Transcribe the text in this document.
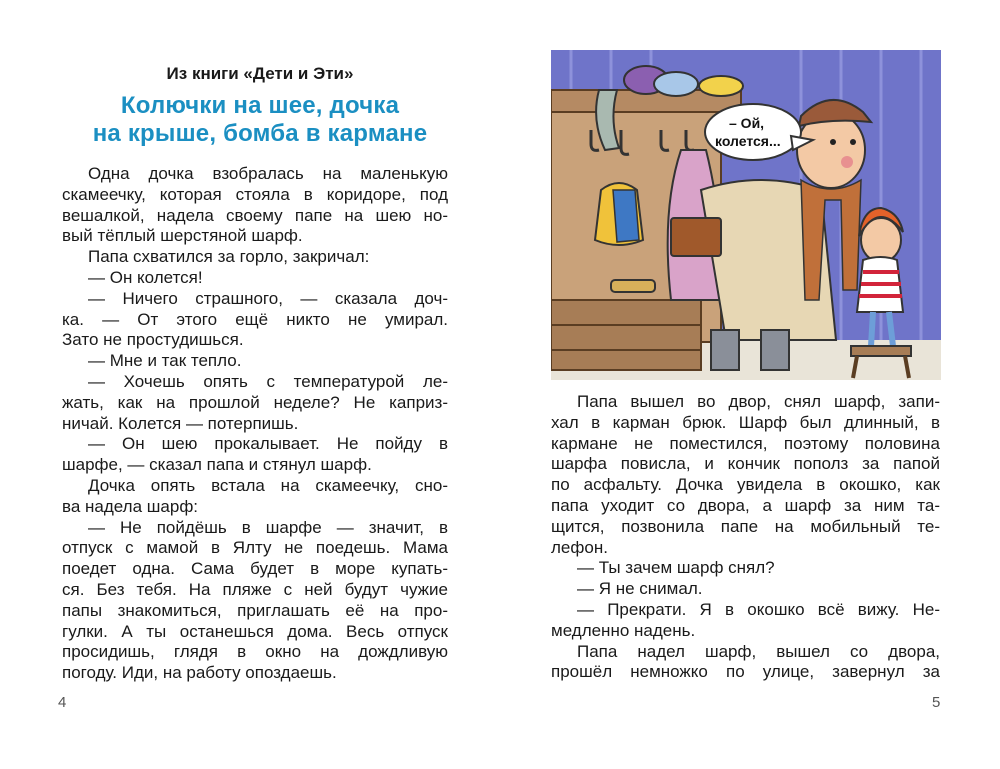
Из книги «Дети и Эти»
Колючки на шее, дочка
на крыше, бомба в кармане
Одна дочка взобралась на маленькую
скамеечку, которая стояла в коридоре, под
вешалкой, надела своему папе на шею но-
вый тёплый шерстяной шарф.
Папа схватился за горло, закричал:
— Он колется!
— Ничего страшного, — сказала доч-
ка. — От этого ещё никто не умирал.
Зато не простудишься.
— Мне и так тепло.
— Хочешь опять с температурой ле-
жать, как на прошлой неделе? Не каприз-
ничай. Колется — потерпишь.
— Он шею прокалывает. Не пойду в
шарфе, — сказал папа и стянул шарф.
Дочка опять встала на скамеечку, сно-
ва надела шарф:
— Не пойдёшь в шарфе — значит, в
отпуск с мамой в Ялту не поедешь. Мама
поедет одна. Сама будет в море купать-
ся. Без тебя. На пляже с ней будут чужие
папы знакомиться, приглашать её на про-
гулки. А ты останешься дома. Весь отпуск
просидишь, глядя в окно на дождливую
погоду. Иди, на работу опоздаешь.
4
– Ой,
колется...
Папа вышел во двор, снял шарф, запи-
хал в карман брюк. Шарф был длинный, в
кармане не поместился, поэтому половина
шарфа повисла, и кончик пополз за папой
по асфальту. Дочка увидела в окошко, как
папа уходит со двора, а шарф за ним та-
щится, позвонила папе на мобильный те-
лефон.
— Ты зачем шарф снял?
— Я не снимал.
— Прекрати. Я в окошко всё вижу. Не-
медленно надень.
Папа надел шарф, вышел со двора,
прошёл немножко по улице, завернул за
5
